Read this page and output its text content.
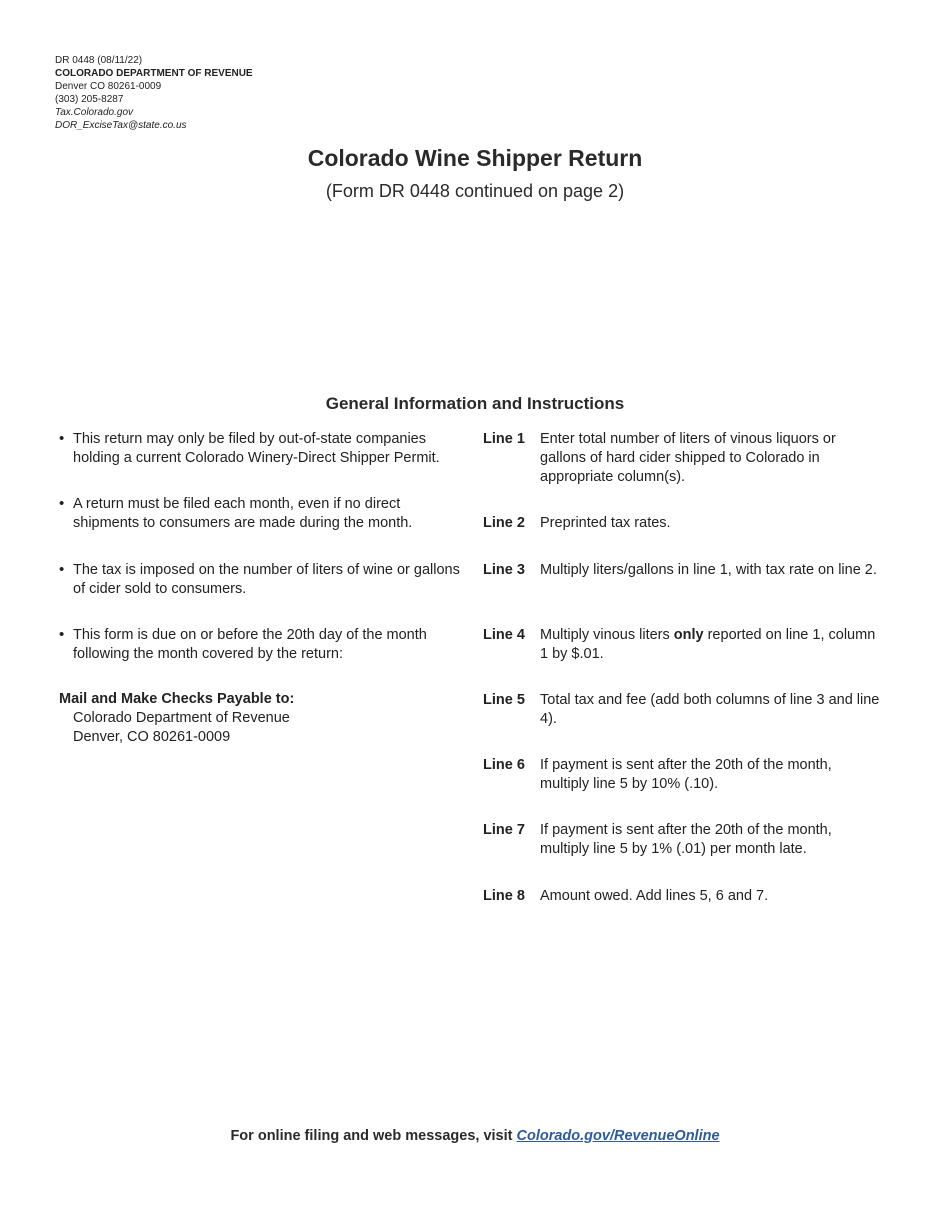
DR 0448 (08/11/22)
COLORADO DEPARTMENT OF REVENUE
Denver CO 80261-0009
(303) 205-8287
Tax.Colorado.gov
DOR_ExciseTax@state.co.us
Colorado Wine Shipper Return
(Form DR 0448 continued on page 2)
General Information and Instructions
• This return may only be filed by out-of-state companies holding a current Colorado Winery-Direct Shipper Permit.
• A return must be filed each month, even if no direct shipments to consumers are made during the month.
• The tax is imposed on the number of liters of wine or gallons of cider sold to consumers.
• This form is due on or before the 20th day of the month following the month covered by the return:
Mail and Make Checks Payable to:
Colorado Department of Revenue
Denver, CO 80261-0009
Line 1 Enter total number of liters of vinous liquors or gallons of hard cider shipped to Colorado in appropriate column(s).
Line 2 Preprinted tax rates.
Line 3 Multiply liters/gallons in line 1, with tax rate on line 2.
Line 4 Multiply vinous liters only reported on line 1, column 1 by $.01.
Line 5 Total tax and fee (add both columns of line 3 and line 4).
Line 6 If payment is sent after the 20th of the month, multiply line 5 by 10% (.10).
Line 7 If payment is sent after the 20th of the month, multiply line 5 by 1% (.01) per month late.
Line 8 Amount owed. Add lines 5, 6 and 7.
For online filing and web messages, visit Colorado.gov/RevenueOnline
